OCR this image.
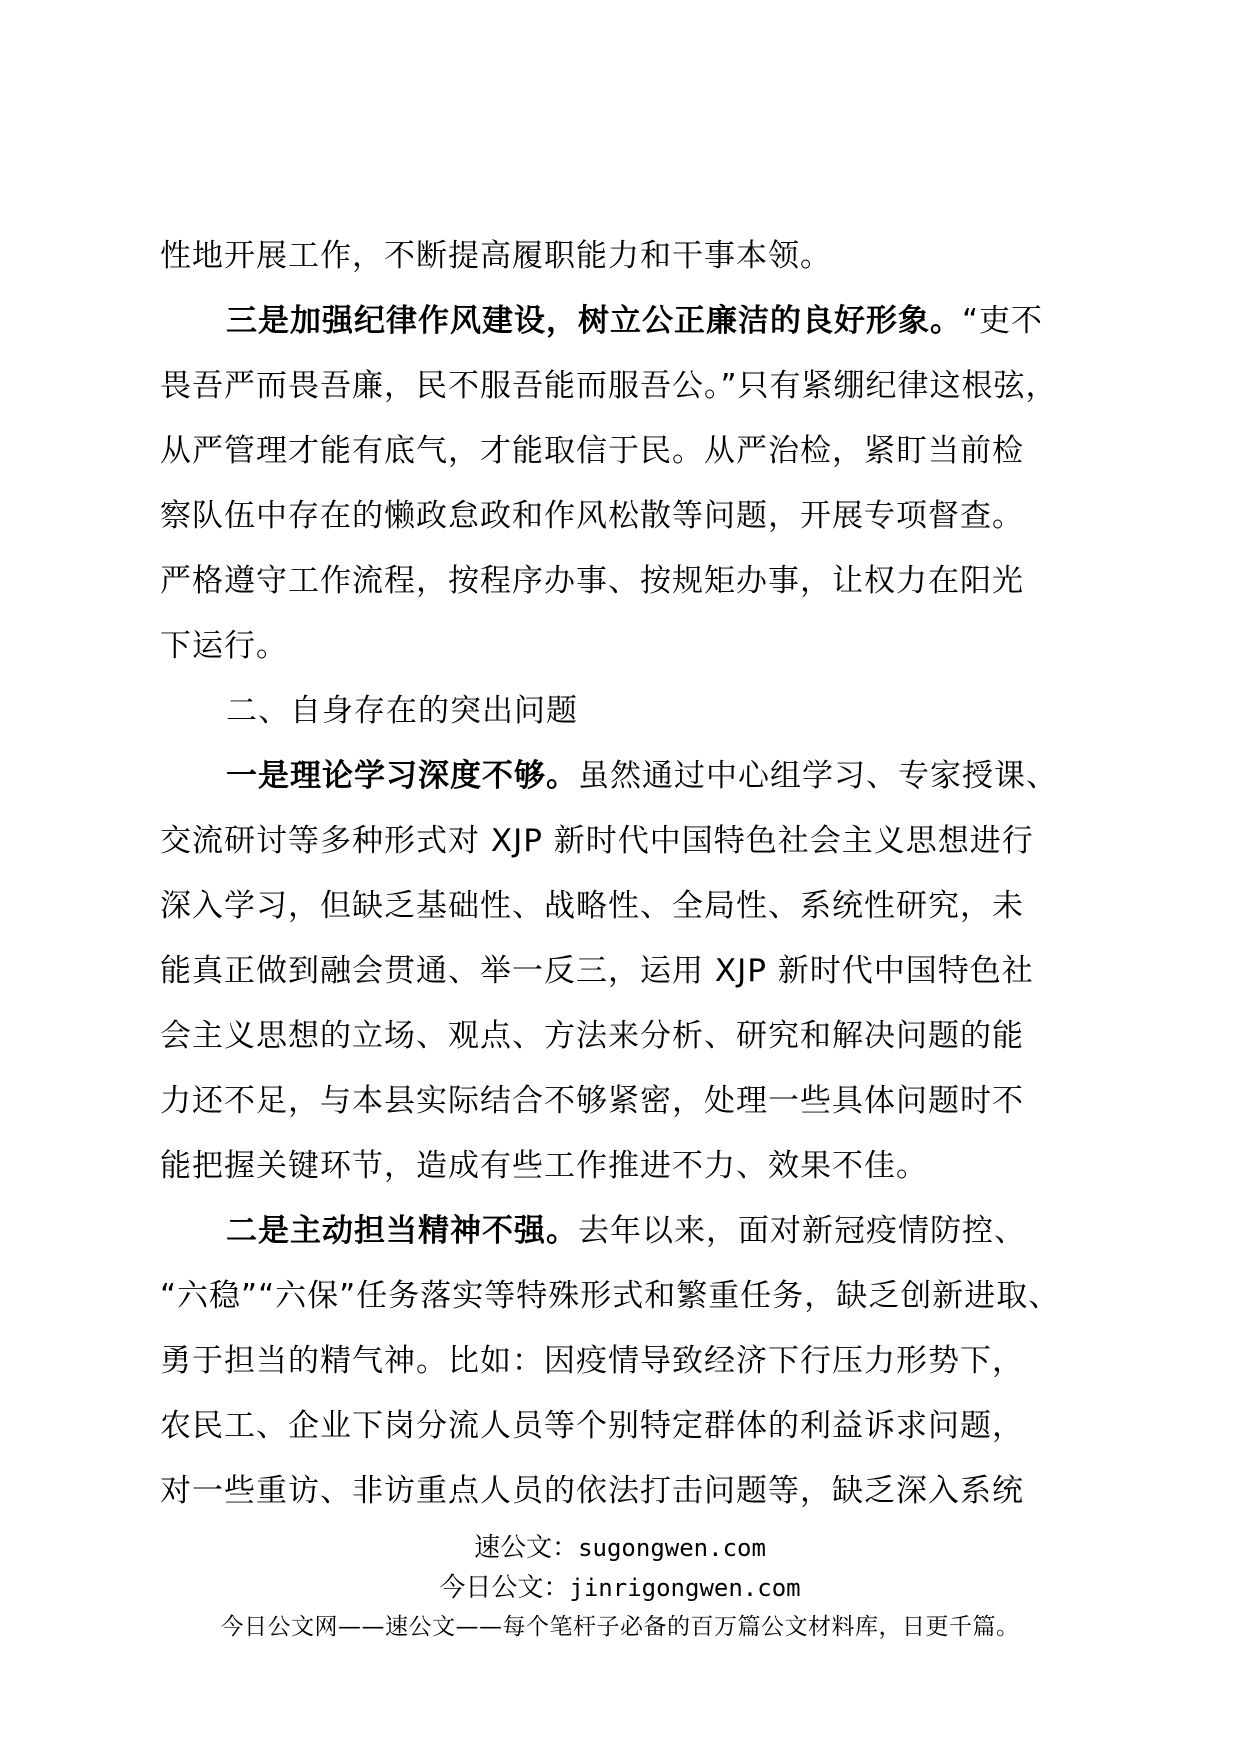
性地开展工作，不断提高履职能力和干事本领。
三是加强纪律作风建设，树立公正廉洁的良好形象。“吏不
畏吾严而畏吾廉，民不服吾能而服吾公。”只有紧绷纪律这根弦，
从严管理才能有底气，才能取信于民。从严治检，紧盯当前检
察队伍中存在的懒政怠政和作风松散等问题，开展专项督查。
严格遵守工作流程，按程序办事、按规矩办事，让权力在阳光
下运行。
二、自身存在的突出问题
一是理论学习深度不够。虽然通过中心组学习、专家授课、
交流研讨等多种形式对 XJP 新时代中国特色社会主义思想进行
深入学习，但缺乏基础性、战略性、全局性、系统性研究，未
能真正做到融会贯通、举一反三，运用 XJP 新时代中国特色社
会主义思想的立场、观点、方法来分析、研究和解决问题的能
力还不足，与本县实际结合不够紧密，处理一些具体问题时不
能把握关键环节，造成有些工作推进不力、效果不佳。
二是主动担当精神不强。去年以来，面对新冠疫情防控、
“六稳”“六保”任务落实等特殊形式和繁重任务，缺乏创新进取、
勇于担当的精气神。比如：因疫情导致经济下行压力形势下，
农民工、企业下岗分流人员等个别特定群体的利益诉求问题，
对一些重访、非访重点人员的依法打击问题等，缺乏深入系统
速公文：sugongwen.com
今日公文：jinrigongwen.com
今日公文网——速公文——每个笔杆子必备的百万篇公文材料库，日更千篇。
